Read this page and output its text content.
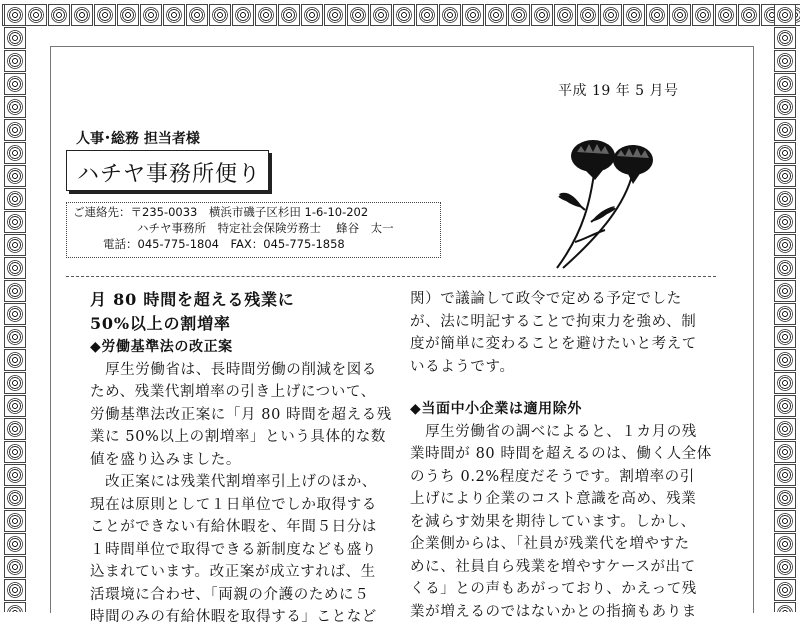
平成 19 年 5 月号
人事･総務 担当者様
ハチヤ事務所便り
ご連絡先：〒235-0033　横浜市磯子区杉田 1-6-10-202
ハチヤ事務所　特定社会保険労務士　 蜂谷　太一
電話：045-775-1804　FAX：045-775-1858
月 80 時間を超える残業に
50%以上の割増率
◆労働基準法の改正案

　厚生労働省は、長時間労働の削減を図る

ため、残業代割増率の引き上げについて、

労働基準法改正案に「月 80 時間を超える残

業に 50%以上の割増率」という具体的な数

値を盛り込みました。

　改正案には残業代割増率引上げのほか、

現在は原則として１日単位でしか取得する

ことができない有給休暇を、年間５日分は

１時間単位で取得できる新制度なども盛り

込まれています。改正案が成立すれば、生

活環境に合わせ、「両親の介護のために５

時間のみの有給休暇を取得する」ことなど

関）で議論して政令で定める予定でした

が、法に明記することで拘束力を強め、制

度が簡単に変わることを避けたいと考えて

いるようです。

◆当面中小企業は適用除外

　厚生労働省の調べによると、１カ月の残

業時間が 80 時間を超えるのは、働く人全体

のうち 0.2%程度だそうです。割増率の引

上げにより企業のコスト意識を高め、残業

を減らす効果を期待しています。しかし、

企業側からは、「社員が残業代を増やすた

めに、社員自ら残業を増やすケースが出て

くる」との声もあがっており、かえって残

業が増えるのではないかとの指摘もありま
